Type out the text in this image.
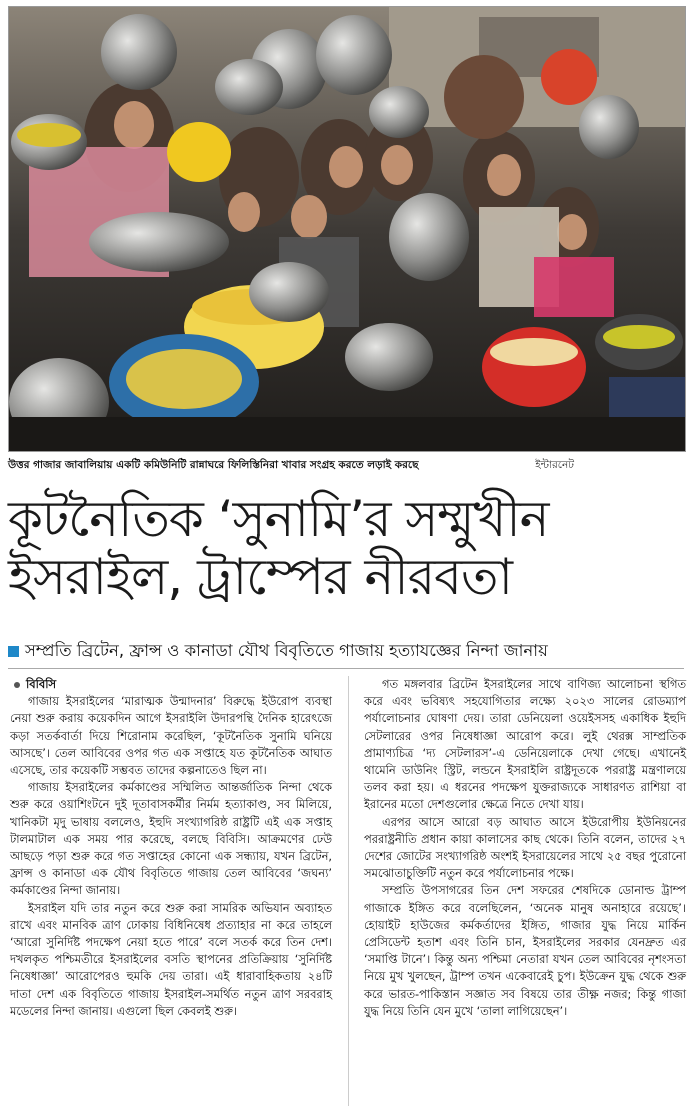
উত্তর গাজার জাবালিয়ায় একটি কমিউনিটি রান্নাঘরে ফিলিস্তিনিরা খাবার সংগ্রহ করতে লড়াই করছে	ইন্টারনেট
কূটনৈতিক ‘সুনামি’র সম্মুখীন
ইসরাইল, ট্রাম্পের নীরবতা
সম্প্রতি ব্রিটেন, ফ্রান্স ও কানাডা যৌথ বিবৃতিতে গাজায় হত্যাযজ্ঞের নিন্দা জানায়
বিবিসি

গাজায় ইসরাইলের ‘মারাত্মক উন্মাদনার’ বিরুদ্ধে ইউরোপ ব্যবস্থা নেয়া শুরু করায় কয়েকদিন আগে ইসরাইলি উদারপন্থি দৈনিক হারেৎজে কড়া সতর্কবার্তা দিয়ে শিরোনাম করেছিল, ‘কূটনৈতিক সুনামি ঘনিয়ে আসছে’। তেল আবিবের ওপর গত এক সপ্তাহে যত কূটনৈতিক আঘাত এসেছে, তার কয়েকটি সম্ভবত তাদের কল্পনাতেও ছিল না।

গাজায় ইসরাইলের কর্মকাণ্ডের সম্মিলিত আন্তর্জাতিক নিন্দা থেকে শুরু করে ওয়াশিংটনে দুই দূতাবাসকর্মীর নির্মম হত্যাকাণ্ড, সব মিলিয়ে, খানিকটা মৃদু ভাষায় বললেও, ইহুদি সংখ্যাগরিষ্ঠ রাষ্ট্রটি এই এক সপ্তাহ টালমাটাল এক সময় পার করেছে, বলছে বিবিসি। আক্রমণের ঢেউ আছড়ে পড়া শুরু করে গত সপ্তাহের কোনো এক সন্ধ্যায়, যখন ব্রিটেন, ফ্রান্স ও কানাডা এক যৌথ বিবৃতিতে গাজায় তেল আবিবের ‘জঘন্য’ কর্মকাণ্ডের নিন্দা জানায়।

ইসরাইল যদি তার নতুন করে শুরু করা সামরিক অভিযান অব্যাহত রাখে এবং মানবিক ত্রাণ ঢোকায় বিধিনিষেধ প্রত্যাহার না করে তাহলে ‘আরো সুনির্দিষ্ট পদক্ষেপ নেয়া হতে পারে’ বলে সতর্ক করে তিন দেশ। দখলকৃত পশ্চিমতীরে ইসরাইলের বসতি স্থাপনের প্রতিক্রিয়ায় ‘সুনির্দিষ্ট নিষেধাজ্ঞা’ আরোপেরও হুমকি দেয় তারা। এই ধারাবাহিকতায় ২৪টি দাতা দেশ এক বিবৃতিতে গাজায় ইসরাইল-সমর্থিত নতুন ত্রাণ সরবরাহ মডেলের নিন্দা জানায়। এগুলো ছিল কেবলই শুরু।

গত মঙ্গলবার ব্রিটেন ইসরাইলের সাথে বাণিজ্য আলোচনা স্থগিত করে এবং ভবিষ্যৎ সহযোগিতার লক্ষ্যে ২০২৩ সালের রোডম্যাপ পর্যালোচনার ঘোষণা দেয়। তারা ডেনিয়েলা ওয়েইসসহ একাধিক ইহুদি সেটলারের ওপর নিষেধাজ্ঞা আরোপ করে। লুই থেরক্স সাম্প্রতিক প্রামাণ্যচিত্র ‘দ্য সেটলারস’-এ ডেনিয়েলাকে দেখা গেছে। এখানেই থামেনি ডাউনিং স্ট্রিট, লন্ডনে ইসরাইলি রাষ্ট্রদূতকে পররাষ্ট্র মন্ত্রণালয়ে তলব করা হয়। এ ধরনের পদক্ষেপ যুক্তরাজ্যকে সাধারণত রাশিয়া বা ইরানের মতো দেশগুলোর ক্ষেত্রে নিতে দেখা যায়।

এরপর আসে আরো বড় আঘাত আসে ইউরোপীয় ইউনিয়নের পররাষ্ট্রনীতি প্রধান কায়া কালাসের কাছ থেকে। তিনি বলেন, তাদের ২৭ দেশের জোটের সংখ্যাগরিষ্ঠ অংশই ইসরায়েলের সাথে ২৫ বছর পুরোনো সমঝোতাচুক্তিটি নতুন করে পর্যালোচনার পক্ষে।

সম্প্রতি উপসাগরের তিন দেশ সফরের শেষদিকে ডোনাল্ড ট্রাম্প গাজাকে ইঙ্গিত করে বলেছিলেন, ‘অনেক মানুষ অনাহারে রয়েছে’। হোয়াইট হাউজের কর্মকর্তাদের ইঙ্গিত, গাজার যুদ্ধ নিয়ে মার্কিন প্রেসিডেন্ট হতাশ এবং তিনি চান, ইসরাইলের সরকার যেনদ্রুত এর ‘সমাপ্তি টানে’। কিন্তু অন্য পশ্চিমা নেতারা যখন তেল আবিবের নৃশংসতা নিয়ে মুখ খুলছেন, ট্রাম্প তখন একেবারেই চুপ। ইউক্রেন যুদ্ধ থেকে শুরু করে ভারত-পাকিস্তান সজ্ঞাত সব বিষয়ে তার তীক্ষ্ণ নজর; কিন্তু গাজা যুদ্ধ নিয়ে তিনি যেন মুখে ‘তালা লাগিয়েছেন’।
